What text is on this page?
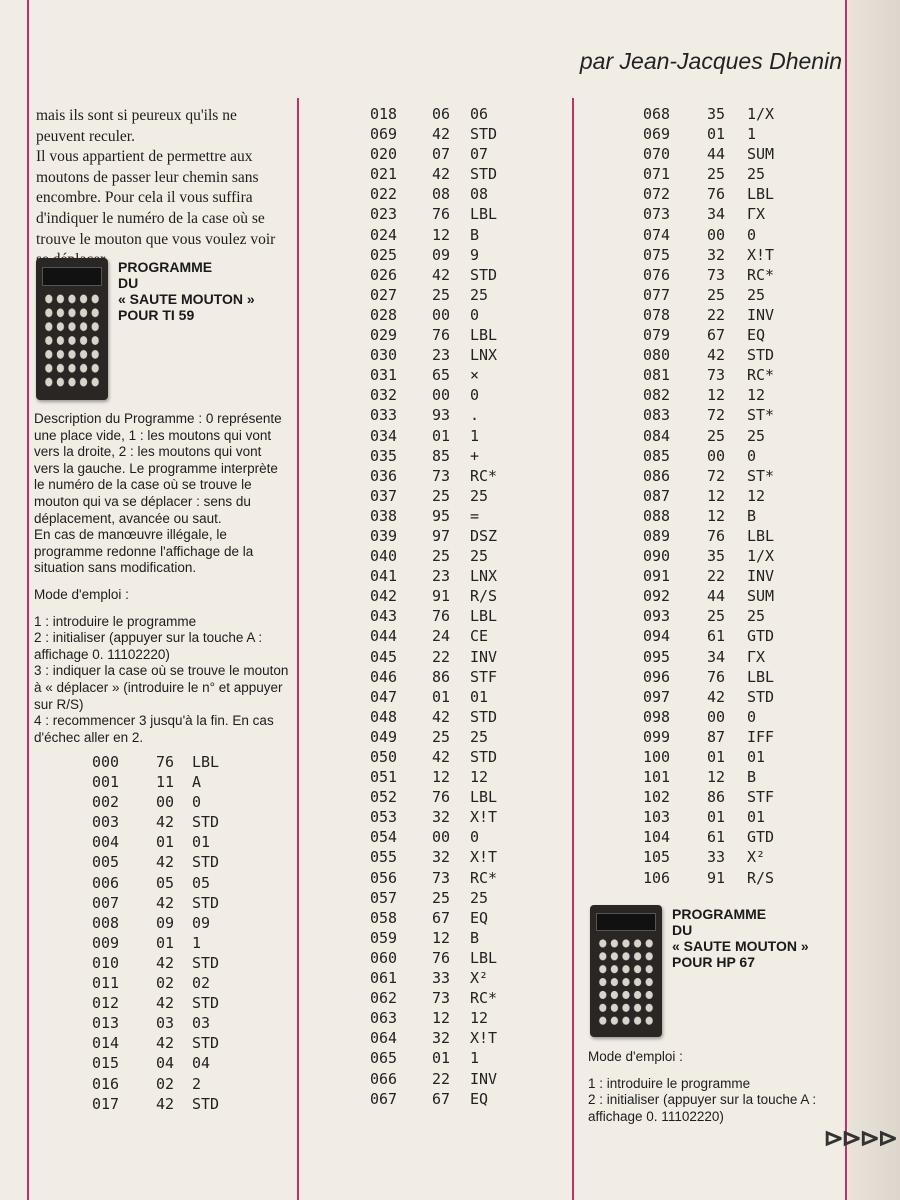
par Jean-Jacques Dhenin

mais ils sont si peureux qu'ils ne peuvent reculer.

Il vous appartient de permettre aux moutons de passer leur chemin sans encombre. Pour cela il vous suffira d'indiquer le numéro de la case où se trouve le mouton que vous voulez voir

PROGRAMME
DU
« SAUTE MOUTON »
POUR TI 59

Description du Programme : 0 représente une place vide, 1 : les moutons qui vont vers la droite, 2 : les moutons qui vont vers la gauche. Le programme interprète le numéro de la case où se trouve le mouton qui va se déplacer : sens du déplacement, avancée ou saut.

En cas de manœuvre illégale, le programme redonne l'affichage de la situation sans modification.

Mode d'emploi :

1 : introduire le programme

2 : initialiser (appuyer sur la touche A : affichage 0. 11102220)

3 : indiquer la case où se trouve le mouton à « déplacer » (introduire le n° et appuyer sur R/S)

4 : recommencer 3 jusqu'à la fin. En cas d'échec aller en 2.

000 76 LBL
001 11 A
002 00 0
003 42 STD
004 01 01
005 42 STD
006 05 05
007 42 STD
008 09 09
009 01 1
010 42 STD
011 02 02
012 42 STD
013 03 03
014 42 STD
015 04 04
016 02 2
017 42 STD
018 06 06
069 42 STD
020 07 07
021 42 STD
022 08 08
023 76 LBL
024 12 B
025 09 9
026 42 STD
027 25 25
028 00 0
029 76 LBL
030 23 LNX
031 65 ×
032 00 0
033 93 .
034 01 1
035 85 +
036 73 RC*
037 25 25
038 95 =
039 97 DSZ
040 25 25
041 23 LNX
042 91 R/S
043 76 LBL
044 24 CE
045 22 INV
046 86 STF
047 01 01
048 42 STD
049 25 25
050 42 STD
051 12 12
052 76 LBL
053 32 X!T
054 00 0
055 32 X!T
056 73 RC*
057 25 25
058 67 EQ
059 12 B
060 76 LBL
061 33 X²
062 73 RC*
063 12 12
064 32 X!T
065 01 1
066 22 INV
067 67 EQ
068 35 1/X
069 01 1
070 44 SUM
071 25 25
072 76 LBL
073 34 ΓX
074 00 0
075 32 X!T
076 73 RC*
077 25 25
078 22 INV
079 67 EQ
080 42 STD
081 73 RC*
082 12 12
083 72 ST*
084 25 25
085 00 0
086 72 ST*
087 12 12
088 12 B
089 76 LBL
090 35 1/X
091 22 INV
092 44 SUM
093 25 25
094 61 GTD
095 34 ΓX
096 76 LBL
097 42 STD
098 00 0
099 87 IFF
100 01 01
101 12 B
102 86 STF
103 01 01
104 61 GTD
105 33 X²
106 91 R/S
PROGRAMME
DU
« SAUTE MOUTON »
POUR HP 67

Mode d'emploi :

1 : introduire le programme

2 : initialiser (appuyer sur la touche A : affichage 0. 11102220)

⊳⊳⊳⊳
